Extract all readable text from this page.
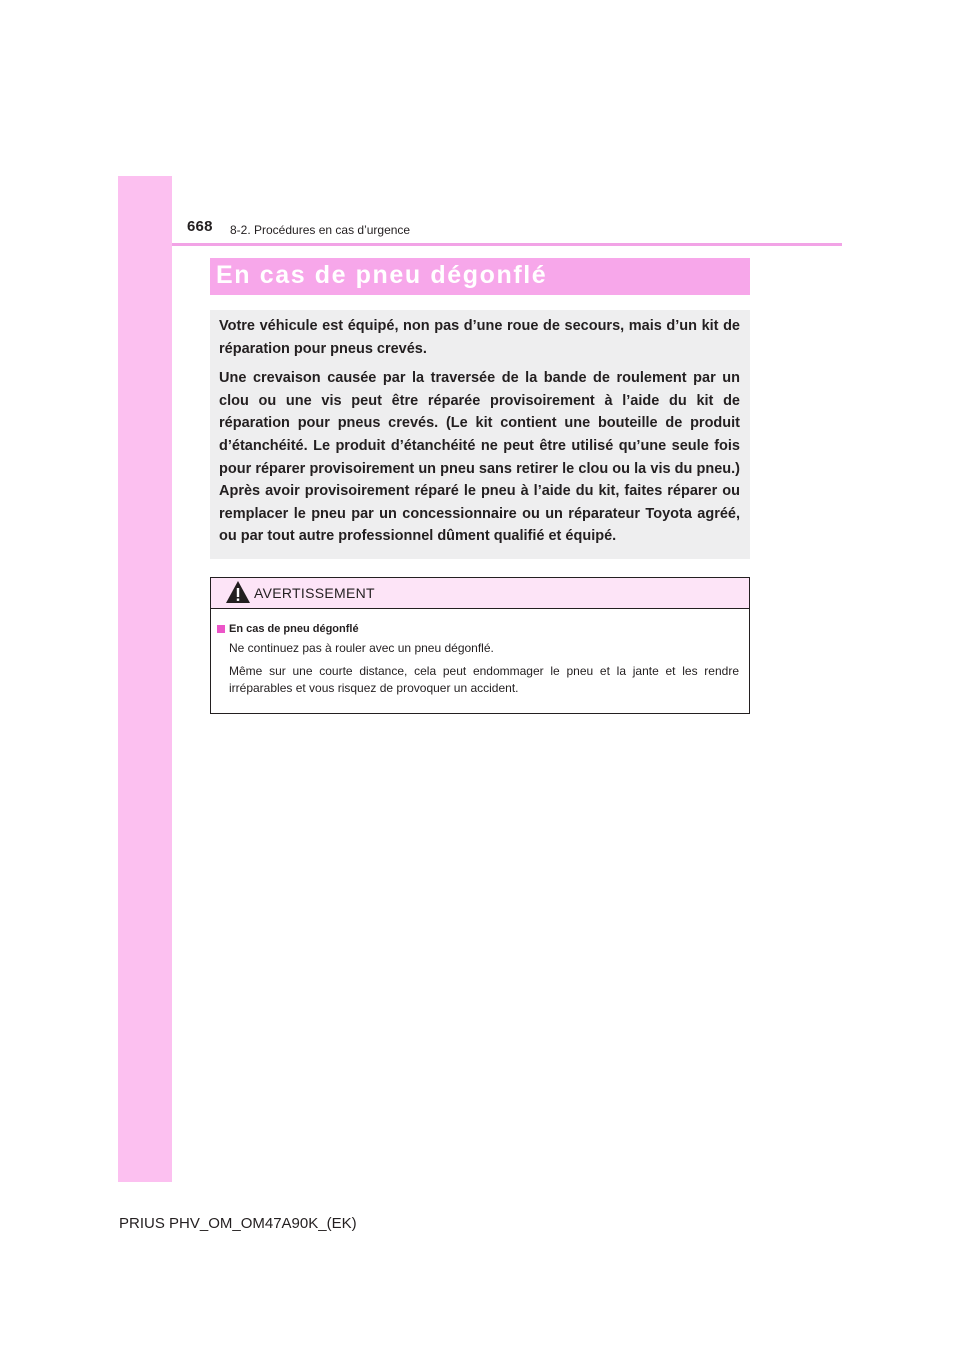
668 8-2. Procédures en cas d’urgence
En cas de pneu dégonflé

Votre véhicule est équipé, non pas d’une roue de secours, mais d’un kit de réparation pour pneus crevés.

Une crevaison causée par la traversée de la bande de roulement par un clou ou une vis peut être réparée provisoirement à l’aide du kit de réparation pour pneus crevés. (Le kit contient une bouteille de produit d’étanchéité. Le produit d’étanchéité ne peut être utilisé qu’une seule fois pour réparer provisoirement un pneu sans retirer le clou ou la vis du pneu.) Après avoir provisoirement réparé le pneu à l’aide du kit, faites réparer ou remplacer le pneu par un concessionnaire ou un réparateur Toyota agréé, ou par tout autre professionnel dûment qualifié et équipé.

AVERTISSEMENT
En cas de pneu dégonflé
Ne continuez pas à rouler avec un pneu dégonflé.
Même sur une courte distance, cela peut endommager le pneu et la jante et les rendre irréparables et vous risquez de provoquer un accident.
PRIUS PHV_OM_OM47A90K_(EK)
